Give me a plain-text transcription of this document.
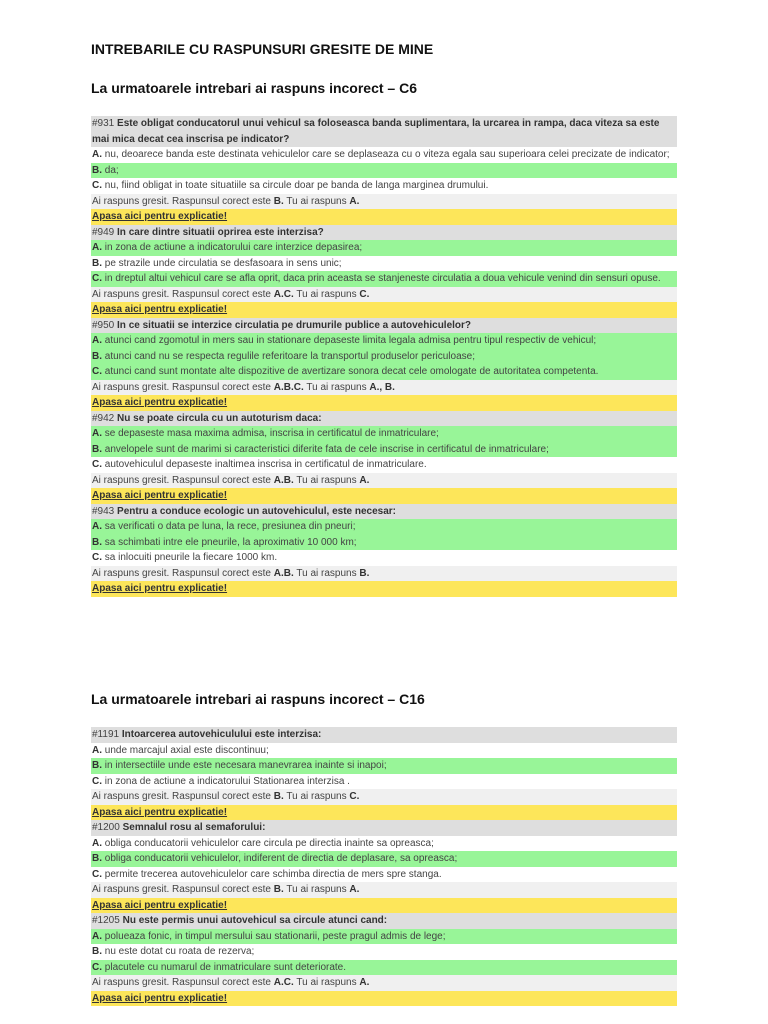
INTREBARILE CU RASPUNSURI GRESITE DE MINE
La urmatoarele intrebari ai raspuns incorect – C6
#931 Este obligat conducatorul unui vehicul sa foloseasca banda suplimentara, la urcarea in rampa, daca viteza sa este mai mica decat cea inscrisa pe indicator?
A. nu, deoarece banda este destinata vehiculelor care se deplaseaza cu o viteza egala sau superioara celei precizate de indicator;
B. da;
C. nu, fiind obligat in toate situatiile sa circule doar pe banda de langa marginea drumului.
Ai raspuns gresit. Raspunsul corect este B. Tu ai raspuns A.
Apasa aici pentru explicatie!
#949 In care dintre situatii oprirea este interzisa?
A. in zona de actiune a indicatorului care interzice depasirea;
B. pe strazile unde circulatia se desfasoara in sens unic;
C. in dreptul altui vehicul care se afla oprit, daca prin aceasta se stanjeneste circulatia a doua vehicule venind din sensuri opuse.
Ai raspuns gresit. Raspunsul corect este A.C. Tu ai raspuns C.
Apasa aici pentru explicatie!
#950 In ce situatii se interzice circulatia pe drumurile publice a autovehiculelor?
A. atunci cand zgomotul in mers sau in stationare depaseste limita legala admisa pentru tipul respectiv de vehicul;
B. atunci cand nu se respecta regulile referitoare la transportul produselor periculoase;
C. atunci cand sunt montate alte dispozitive de avertizare sonora decat cele omologate de autoritatea competenta.
Ai raspuns gresit. Raspunsul corect este A.B.C. Tu ai raspuns A., B.
Apasa aici pentru explicatie!
#942 Nu se poate circula cu un autoturism daca:
A. se depaseste masa maxima admisa, inscrisa in certificatul de inmatriculare;
B. anvelopele sunt de marimi si caracteristici diferite fata de cele inscrise in certificatul de inmatriculare;
C. autovehiculul depaseste inaltimea inscrisa in certificatul de inmatriculare.
Ai raspuns gresit. Raspunsul corect este A.B. Tu ai raspuns A.
Apasa aici pentru explicatie!
#943 Pentru a conduce ecologic un autovehiculul, este necesar:
A. sa verificati o data pe luna, la rece, presiunea din pneuri;
B. sa schimbati intre ele pneurile, la aproximativ 10 000 km;
C. sa inlocuiti pneurile la fiecare 1000 km.
Ai raspuns gresit. Raspunsul corect este A.B. Tu ai raspuns B.
Apasa aici pentru explicatie!
La urmatoarele intrebari ai raspuns incorect – C16
#1191 Intoarcerea autovehiculului este interzisa:
A. unde marcajul axial este discontinuu;
B. in intersectiile unde este necesara manevrarea inainte si inapoi;
C. in zona de actiune a indicatorului Stationarea interzisa .
Ai raspuns gresit. Raspunsul corect este B. Tu ai raspuns C.
Apasa aici pentru explicatie!
#1200 Semnalul rosu al semaforului:
A. obliga conducatorii vehiculelor care circula pe directia inainte sa opreasca;
B. obliga conducatorii vehiculelor, indiferent de directia de deplasare, sa opreasca;
C. permite trecerea autovehiculelor care schimba directia de mers spre stanga.
Ai raspuns gresit. Raspunsul corect este B. Tu ai raspuns A.
Apasa aici pentru explicatie!
#1205 Nu este permis unui autovehicul sa circule atunci cand:
A. polueaza fonic, in timpul mersului sau stationarii, peste pragul admis de lege;
B. nu este dotat cu roata de rezerva;
C. placutele cu numarul de inmatriculare sunt deteriorate.
Ai raspuns gresit. Raspunsul corect este A.C. Tu ai raspuns A.
Apasa aici pentru explicatie!
